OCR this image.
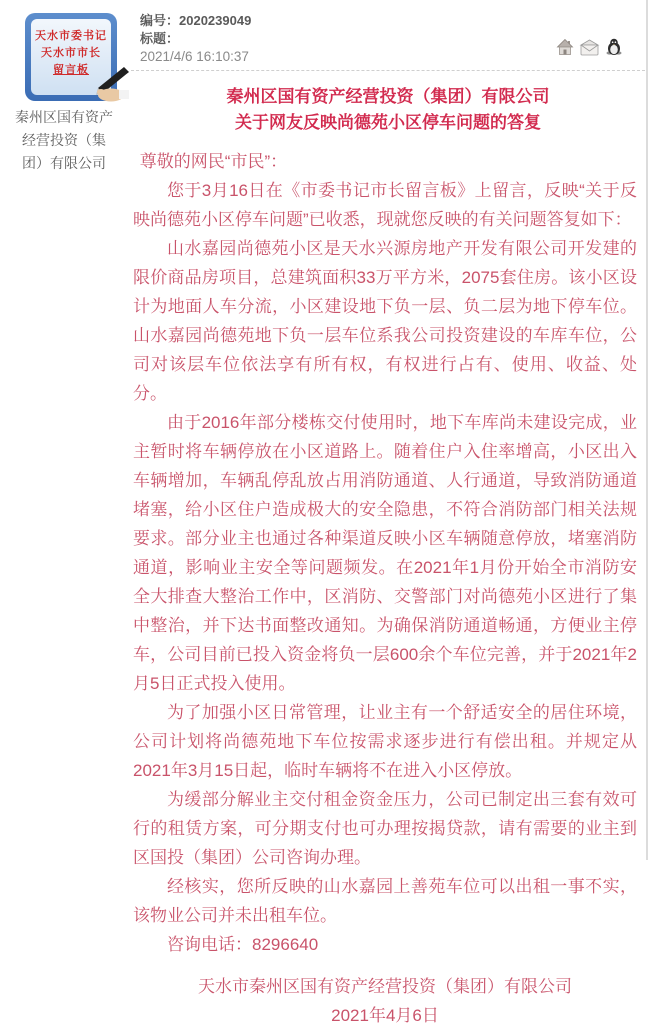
天水市委书记
天水市市长
留言板
秦州区国有资产经营投资（集团）有限公司
编号：2020239049
标题：
2021/4/6 16:10:37
秦州区国有资产经营投资（集团）有限公司
关于网友反映尚德苑小区停车问题的答复

尊敬的网民“市民”：

您于3月16日在《市委书记市长留言板》上留言，反映“关于反映尚德苑小区停车问题”已收悉，现就您反映的有关问题答复如下：

山水嘉园尚德苑小区是天水兴源房地产开发有限公司开发建的限价商品房项目，总建筑面积33万平方米，2075套住房。该小区设计为地面人车分流，小区建设地下负一层、负二层为地下停车位。山水嘉园尚德苑地下负一层车位系我公司投资建设的车库车位，公司对该层车位依法享有所有权，有权进行占有、使用、收益、处分。

由于2016年部分楼栋交付使用时，地下车库尚未建设完成，业主暂时将车辆停放在小区道路上。随着住户入住率增高，小区出入车辆增加，车辆乱停乱放占用消防通道、人行通道，导致消防通道堵塞，给小区住户造成极大的安全隐患，不符合消防部门相关法规要求。部分业主也通过各种渠道反映小区车辆随意停放，堵塞消防通道，影响业主安全等问题频发。在2021年1月份开始全市消防安全大排查大整治工作中，区消防、交警部门对尚德苑小区进行了集中整治，并下达书面整改通知。为确保消防通道畅通，方便业主停车，公司目前已投入资金将负一层600余个车位完善，并于2021年2月5日正式投入使用。

为了加强小区日常管理，让业主有一个舒适安全的居住环境，公司计划将尚德苑地下车位按需求逐步进行有偿出租。并规定从2021年3月15日起，临时车辆将不在进入小区停放。

为缓部分解业主交付租金资金压力，公司已制定出三套有效可行的租赁方案，可分期支付也可办理按揭贷款，请有需要的业主到区国投（集团）公司咨询办理。

经核实，您所反映的山水嘉园上善苑车位可以出租一事不实，该物业公司并未出租车位。

咨询电话：8296640

天水市秦州区国有资产经营投资（集团）有限公司
2021年4月6日
